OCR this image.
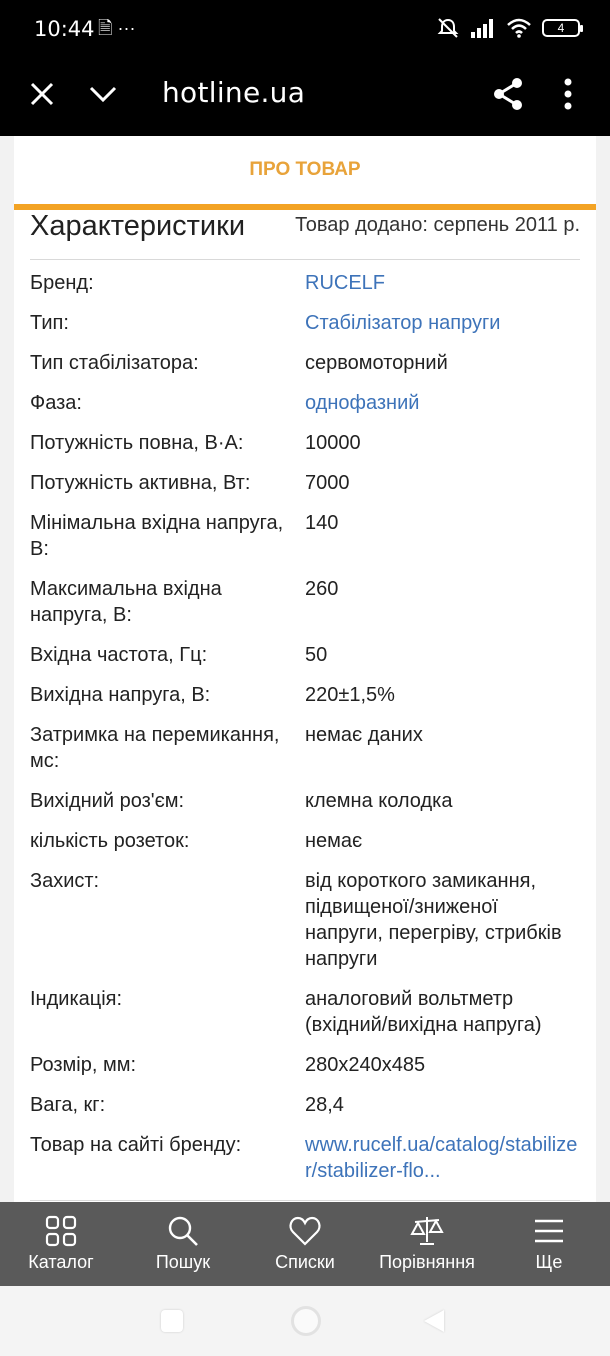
10:44 🗎 ···	4
hotline.ua
ПРО ТОВАР
Характеристики	Товар додано: серпень 2011 р.
Бренд:	RUCELF
Тип:	Стабілізатор напруги
Тип стабілізатора:	сервомоторний
Фаза:	однофазний
Потужність повна, В·А:	10000
Потужність активна, Вт:	7000
Мінімальна вхідна напруга, В:
140
Максимальна вхідна напруга, В:
260
Вхідна частота, Гц:	50
Вихідна напруга, В:	220±1,5%
Затримка на перемикання, мс:
немає даних
Вихідний роз'єм:	клемна колодка
кількість розеток:	немає
Захист:	від короткого замикання, підвищеної/зниженої напруги, перегріву, стрибків напруги
Індикація:	аналоговий вольтметр (вхідний/вихідна напруга)
Розмір, мм:	280x240x485
Вага, кг:	28,4
Товар на сайті бренду:	www.rucelf.ua/catalog/stabilizer/stabilizer-flo...
Каталог	Пошук	Списки Порівняння	Ще
